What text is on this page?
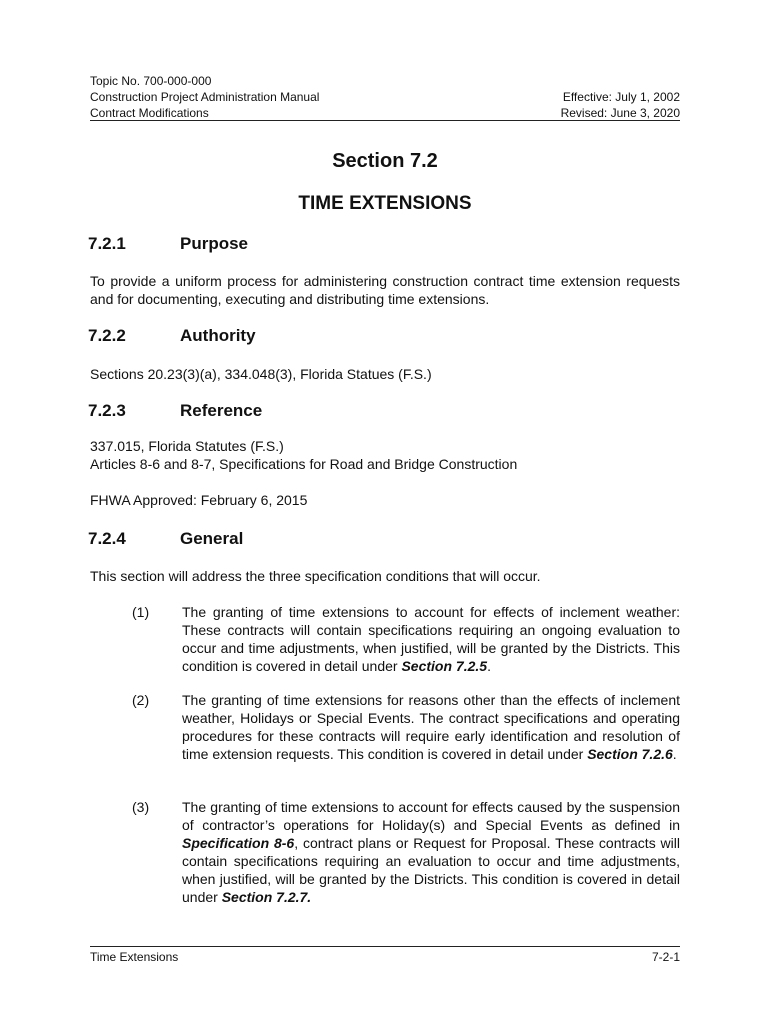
Topic No. 700-000-000
Construction Project Administration Manual
Contract Modifications
Effective: July 1, 2002
Revised: June 3, 2020
Section 7.2
TIME EXTENSIONS
7.2.1	Purpose
To provide a uniform process for administering construction contract time extension requests and for documenting, executing and distributing time extensions.
7.2.2	Authority
Sections 20.23(3)(a), 334.048(3), Florida Statues (F.S.)
7.2.3	Reference
337.015, Florida Statutes (F.S.)
Articles 8-6 and 8-7, Specifications for Road and Bridge Construction
FHWA Approved: February 6, 2015
7.2.4	General
This section will address the three specification conditions that will occur.
(1) The granting of time extensions to account for effects of inclement weather: These contracts will contain specifications requiring an ongoing evaluation to occur and time adjustments, when justified, will be granted by the Districts. This condition is covered in detail under Section 7.2.5.
(2) The granting of time extensions for reasons other than the effects of inclement weather, Holidays or Special Events. The contract specifications and operating procedures for these contracts will require early identification and resolution of time extension requests. This condition is covered in detail under Section 7.2.6.
(3) The granting of time extensions to account for effects caused by the suspension of contractor’s operations for Holiday(s) and Special Events as defined in Specification 8-6, contract plans or Request for Proposal. These contracts will contain specifications requiring an evaluation to occur and time adjustments, when justified, will be granted by the Districts. This condition is covered in detail under Section 7.2.7.
Time Extensions	7-2-1
